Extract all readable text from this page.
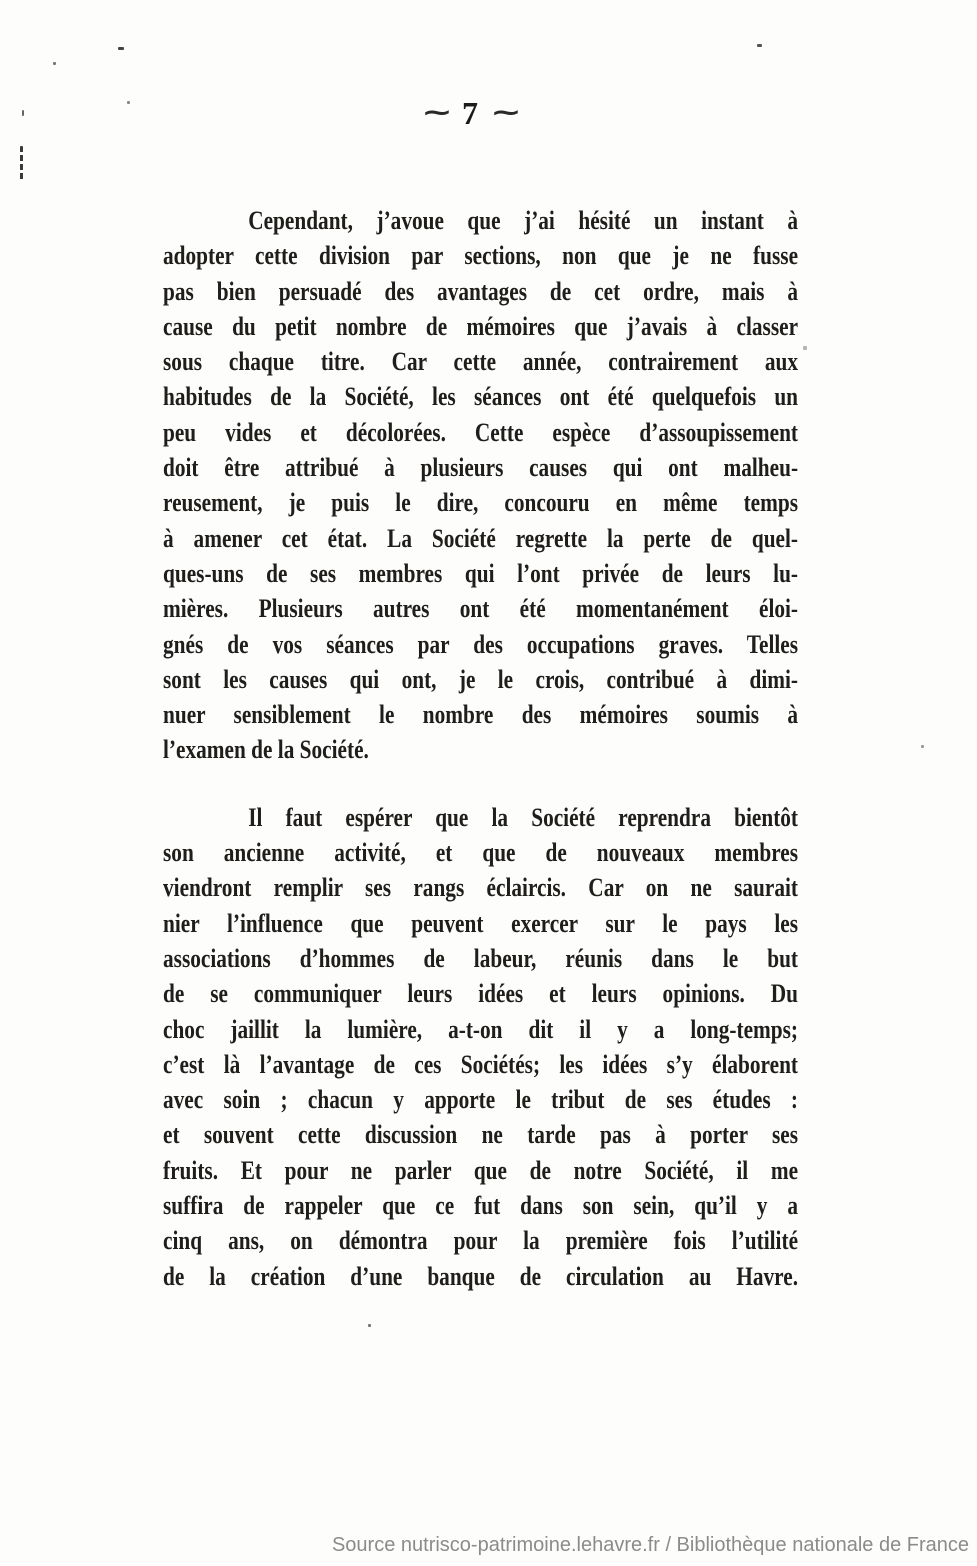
⁓ 7 ⁓
Cependant, j’avoue que j’ai hésité un instant à
adopter cette division par sections, non que je ne fusse
pas bien persuadé des avantages de cet ordre, mais à
cause du petit nombre de mémoires que j’avais à classer
sous chaque titre. Car cette année, contrairement aux
habitudes de la Société, les séances ont été quelquefois un
peu vides et décolorées. Cette espèce d’assoupissement
doit être attribué à plusieurs causes qui ont malheu-
reusement, je puis le dire, concouru en même temps
à amener cet état. La Société regrette la perte de quel-
ques-uns de ses membres qui l’ont privée de leurs lu-
mières. Plusieurs autres ont été momentanément éloi-
gnés de vos séances par des occupations graves. Telles
sont les causes qui ont, je le crois, contribué à dimi-
nuer sensiblement le nombre des mémoires soumis à
l’examen de la Société.
Il faut espérer que la Société reprendra bientôt
son ancienne activité, et que de nouveaux membres
viendront remplir ses rangs éclaircis. Car on ne saurait
nier l’influence que peuvent exercer sur le pays les
associations d’hommes de labeur, réunis dans le but
de se communiquer leurs idées et leurs opinions. Du
choc jaillit la lumière, a-t-on dit il y a long-temps;
c’est là l’avantage de ces Sociétés; les idées s’y élaborent
avec soin ; chacun y apporte le tribut de ses études :
et souvent cette discussion ne tarde pas à porter ses
fruits. Et pour ne parler que de notre Société, il me
suffira de rappeler que ce fut dans son sein, qu’il y a
cinq ans, on démontra pour la première fois l’utilité
de la création d’une banque de circulation au Havre.
Source nutrisco-patrimoine.lehavre.fr / Bibliothèque nationale de France
